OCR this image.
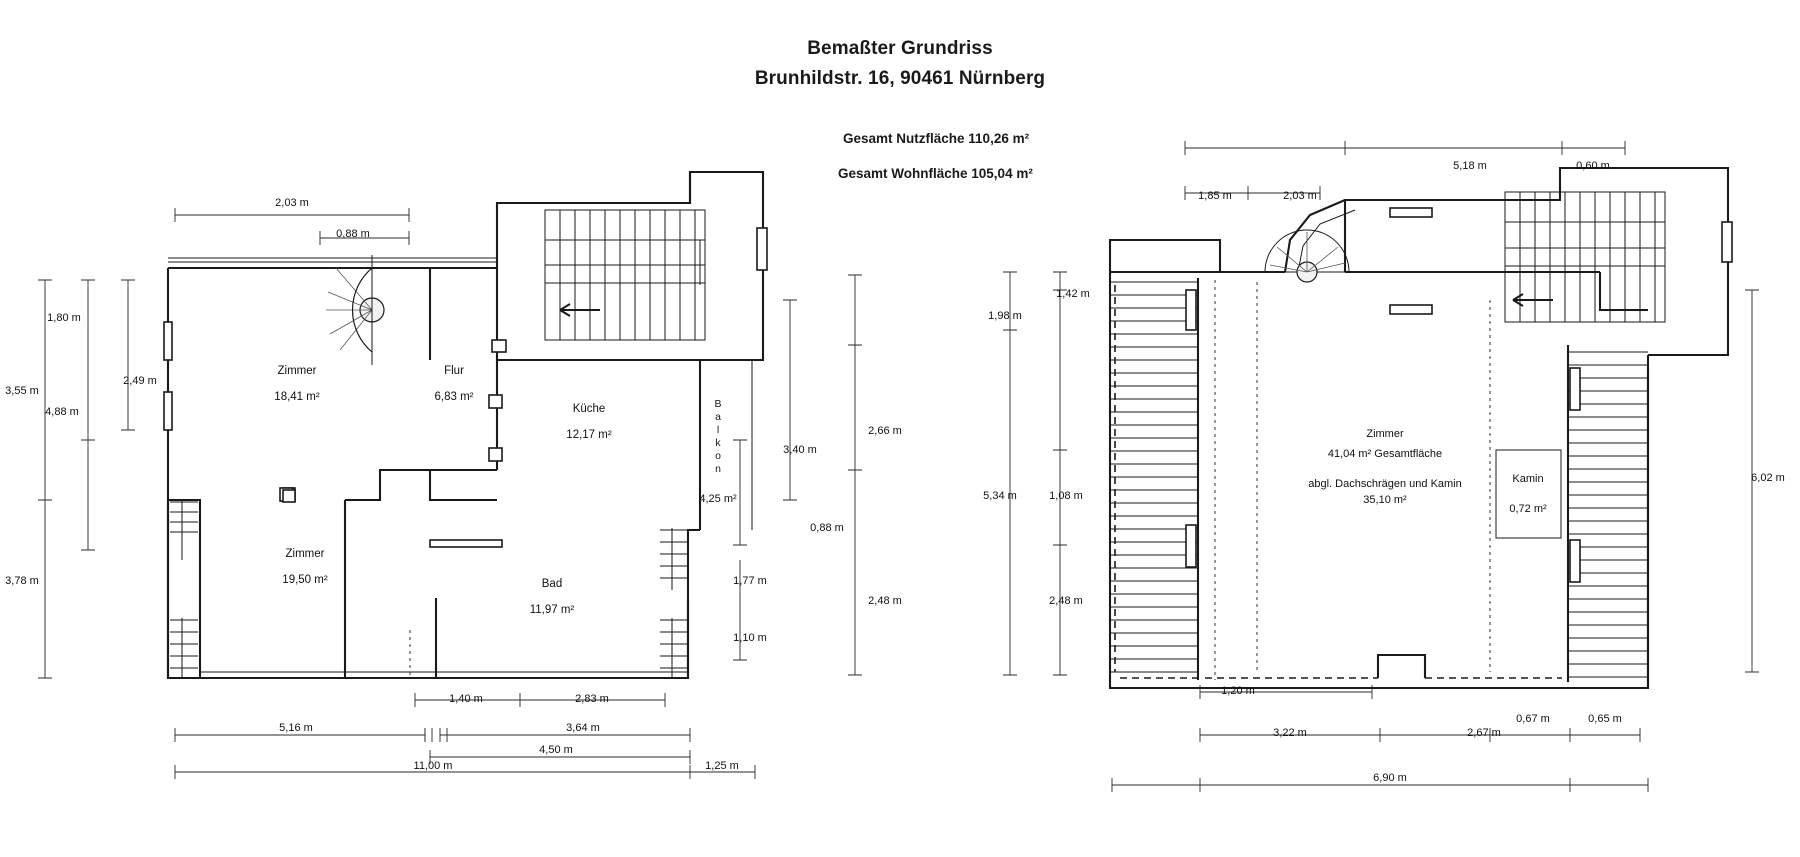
Bemaßter Grundriss
Brunhildstr. 16, 90461 Nürnberg
Gesamt Nutzfläche 110,26 m²
Gesamt Wohnfläche 105,04 m²
Zimmer
18,41 m²
Flur
6,83 m²
Küche
12,17 m²
Zimmer
19,50 m²	Bad
11,97 m²
B
a
l
k
o
n
4,25 m²
2,03 m
0,88 m
1,80 m
2,49 m
3,55 m
4,88 m
3,78 m
3,40 m
2,66 m
0,88 m
1,77 m
2,48 m
1,10 m
1,40 m	2,83 m
5,16 m	3,64 m
4,50 m
11,00 m	1,25 m
Zimmer
41,04 m² Gesamtfläche
abgl. Dachschrägen und Kamin
35,10 m²
Kamin
0,72 m²
5,18 m	0,60 m
1,85 m	2,03 m
1,42 m
1,98 m
5,34 m	1,08 m
2,48 m
6,02 m
1,20 m
3,22 m	2,67 m
0,67 m	0,65 m
6,90 m
